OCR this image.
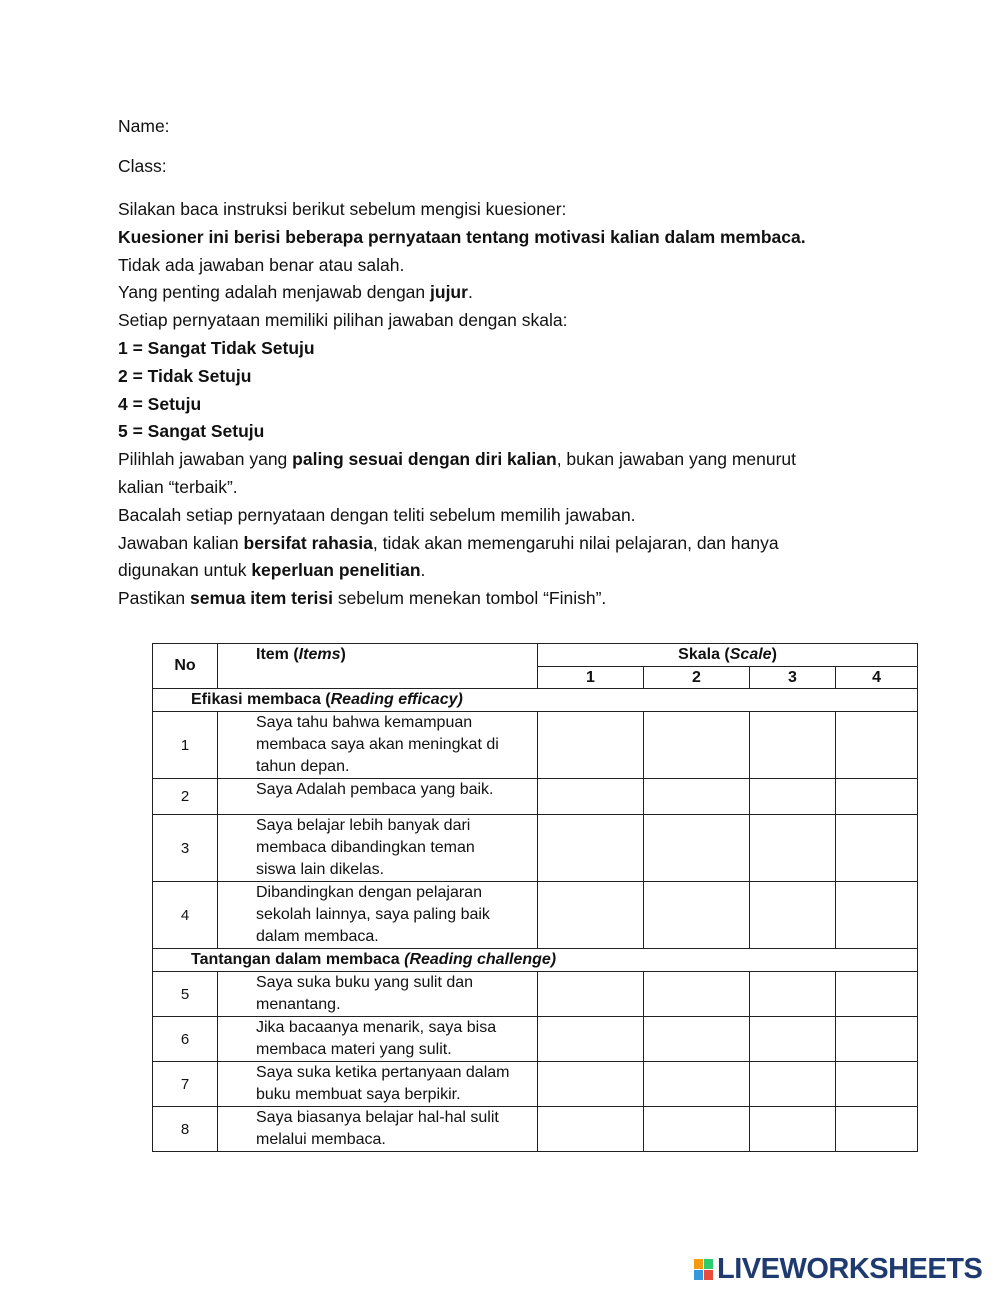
Name:
Class:

Silakan baca instruksi berikut sebelum mengisi kuesioner:

Kuesioner ini berisi beberapa pernyataan tentang motivasi kalian dalam membaca.

Tidak ada jawaban benar atau salah.

Yang penting adalah menjawab dengan jujur.

Setiap pernyataan memiliki pilihan jawaban dengan skala:

1 = Sangat Tidak Setuju

2 = Tidak Setuju

4 = Setuju

5 = Sangat Setuju

Pilihlah jawaban yang paling sesuai dengan diri kalian, bukan jawaban yang menurut

kalian “terbaik”.

Bacalah setiap pernyataan dengan teliti sebelum memilih jawaban.

Jawaban kalian bersifat rahasia, tidak akan memengaruhi nilai pelajaran, dan hanya

digunakan untuk keperluan penelitian.

Pastikan semua item terisi sebelum menekan tombol “Finish”.

No	Item (Items)	Skala (Scale)			
		1	2	3	4
Efikasi membaca (Reading efficacy)					
1	Saya tahu bahwa kemampuan
membaca saya akan meningkat di
tahun depan.				

2	Saya Adalah pembaca yang baik.				

3	Saya belajar lebih banyak dari
membaca dibandingkan teman
siswa lain dikelas.				

4	Dibandingkan dengan pelajaran
sekolah lainnya, saya paling baik
dalam membaca.				

Tantangan dalam membaca (Reading challenge)					
5	Saya suka buku yang sulit dan
menantang.				

6	Jika bacaanya menarik, saya bisa
membaca materi yang sulit.				

7	Saya suka ketika pertanyaan dalam
buku membuat saya berpikir.				

8	Saya biasanya belajar hal-hal sulit
melalui membaca.				

LIVEWORKSHEETS
